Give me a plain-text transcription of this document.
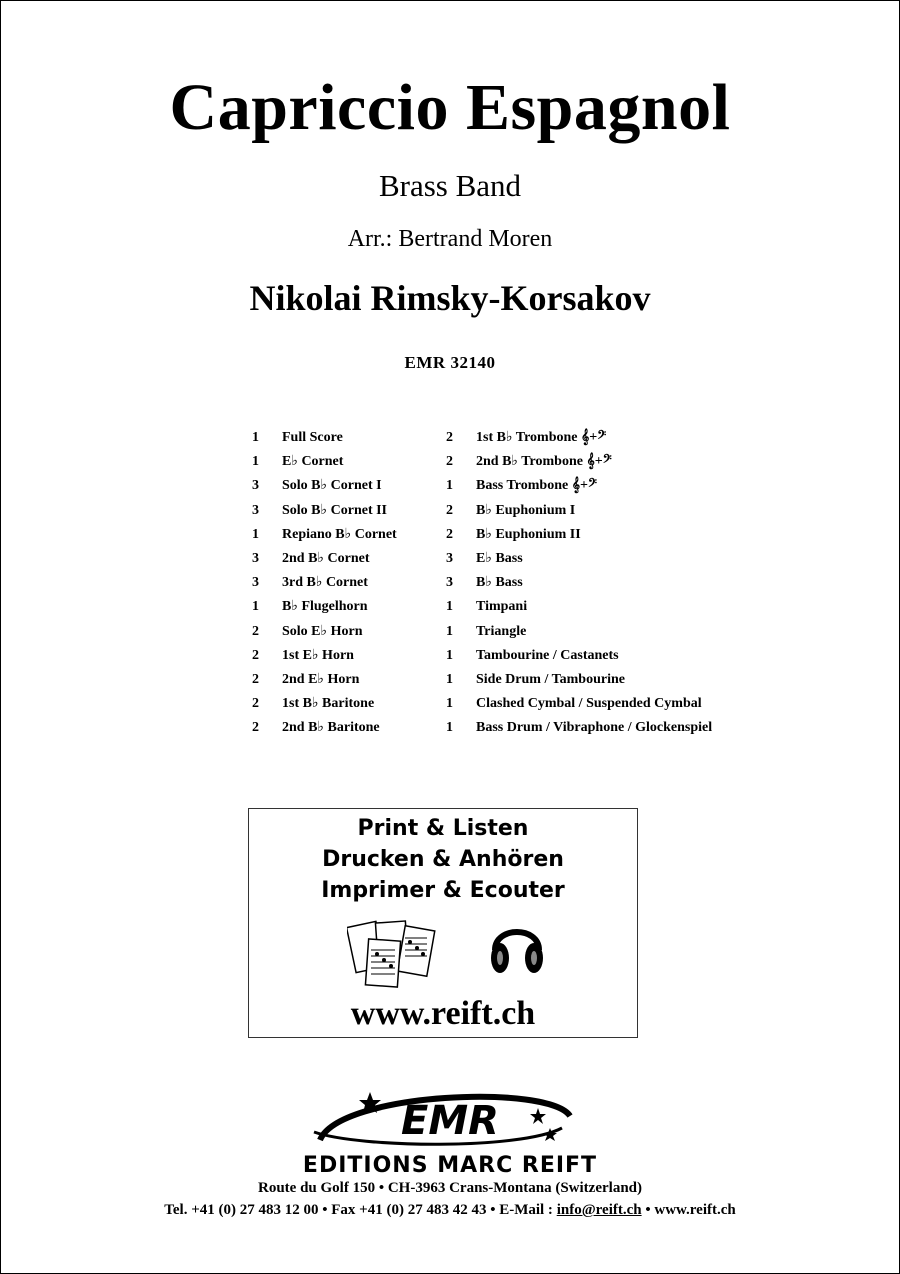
Capriccio Espagnol
Brass Band
Arr.: Bertrand Moren
Nikolai Rimsky-Korsakov
EMR 32140
1 Full Score
1 E♭ Cornet
3 Solo B♭ Cornet I
3 Solo B♭ Cornet II
1 Repiano B♭ Cornet
3 2nd B♭ Cornet
3 3rd B♭ Cornet
1 B♭ Flugelhorn
2 Solo E♭ Horn
2 1st E♭ Horn
2 2nd E♭ Horn
2 1st B♭ Baritone
2 2nd B♭ Baritone
2 1st B♭ Trombone 𝄞+𝄢
2 2nd B♭ Trombone 𝄞+𝄢
1 Bass Trombone 𝄞+𝄢
2 B♭ Euphonium I
2 B♭ Euphonium II
3 E♭ Bass
3 B♭ Bass
1 Timpani
1 Triangle
1 Tambourine / Castanets
1 Side Drum / Tambourine
1 Clashed Cymbal / Suspended Cymbal
1 Bass Drum / Vibraphone / Glockenspiel
Print & Listen
Drucken & Anhören
Imprimer & Ecouter
www.reift.ch
EMR
EDITIONS MARC REIFT
Route du Golf 150 • CH-3963 Crans-Montana (Switzerland)
Tel. +41 (0) 27 483 12 00 • Fax +41 (0) 27 483 42 43 • E-Mail : info@reift.ch • www.reift.ch
